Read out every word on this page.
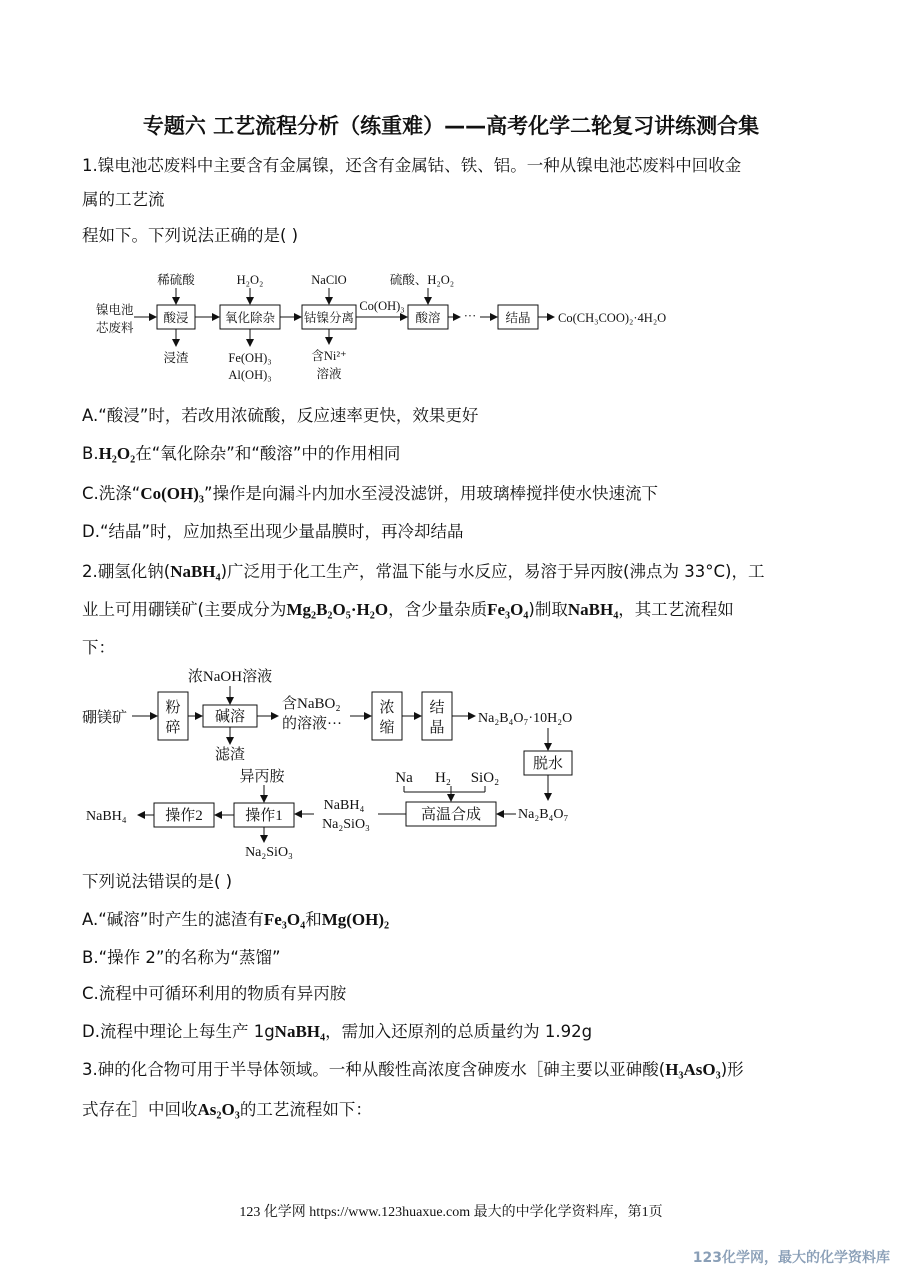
专题六 工艺流程分析（练重难）——高考化学二轮复习讲练测合集
1.镍电池芯废料中主要含有金属镍，还含有金属钴、铁、铝。一种从镍电池芯废料中回收金
属的工艺流
程如下。下列说法正确的是( )
镍电池
芯废料
酸浸	氧化除杂 钴镍分离	酸溶	结晶
稀硫酸	H₂O₂	NaClO	硫酸、H₂O₂
浸渣	Fe(OH)₃
Al(OH)₃
含Ni²⁺
溶液
Co(OH)₃
···	Co(CH₃COO)₂·4H₂O
A.“酸浸”时，若改用浓硫酸，反应速率更快，效果更好
B.H₂O₂在“氧化除杂”和“酸溶”中的作用相同
C.洗涤“Co(OH)₃”操作是向漏斗内加水至浸没滤饼，用玻璃棒搅拌使水快速流下
D.“结晶”时，应加热至出现少量晶膜时，再冷却结晶
2.硼氢化钠(NaBH₄)广泛用于化工生产，常温下能与水反应，易溶于异丙胺(沸点为 33°C)，工
业上可用硼镁矿(主要成分为Mg₂B₂O₅·H₂O，含少量杂质Fe₃O₄)制取NaBH₄，其工艺流程如
下：
硼镁矿
粉
碎
浓NaOH溶液
碱溶
滤渣
含NaBO₂
的溶液···
浓
缩
结
晶
Na₂B₄O₇·10H₂O
脱水
Na₂B₄O₇
Na H₂ SiO₂
高温合成
NaBH₄
Na₂SiO₃
异丙胺
操作1
Na₂SiO₃
操作2
NaBH₄
下列说法错误的是( )
A.“碱溶”时产生的滤渣有Fe₃O₄和Mg(OH)₂
B.“操作 2”的名称为“蒸馏”
C.流程中可循环利用的物质有异丙胺
D.流程中理论上每生产 1gNaBH₄，需加入还原剂的总质量约为 1.92g
3.砷的化合物可用于半导体领域。一种从酸性高浓度含砷废水［砷主要以亚砷酸(H₃AsO₃)形
式存在］中回收As₂O₃的工艺流程如下：
123 化学网 https://www.123huaxue.com 最大的中学化学资料库，第1页
123化学网，最大的化学资料库
